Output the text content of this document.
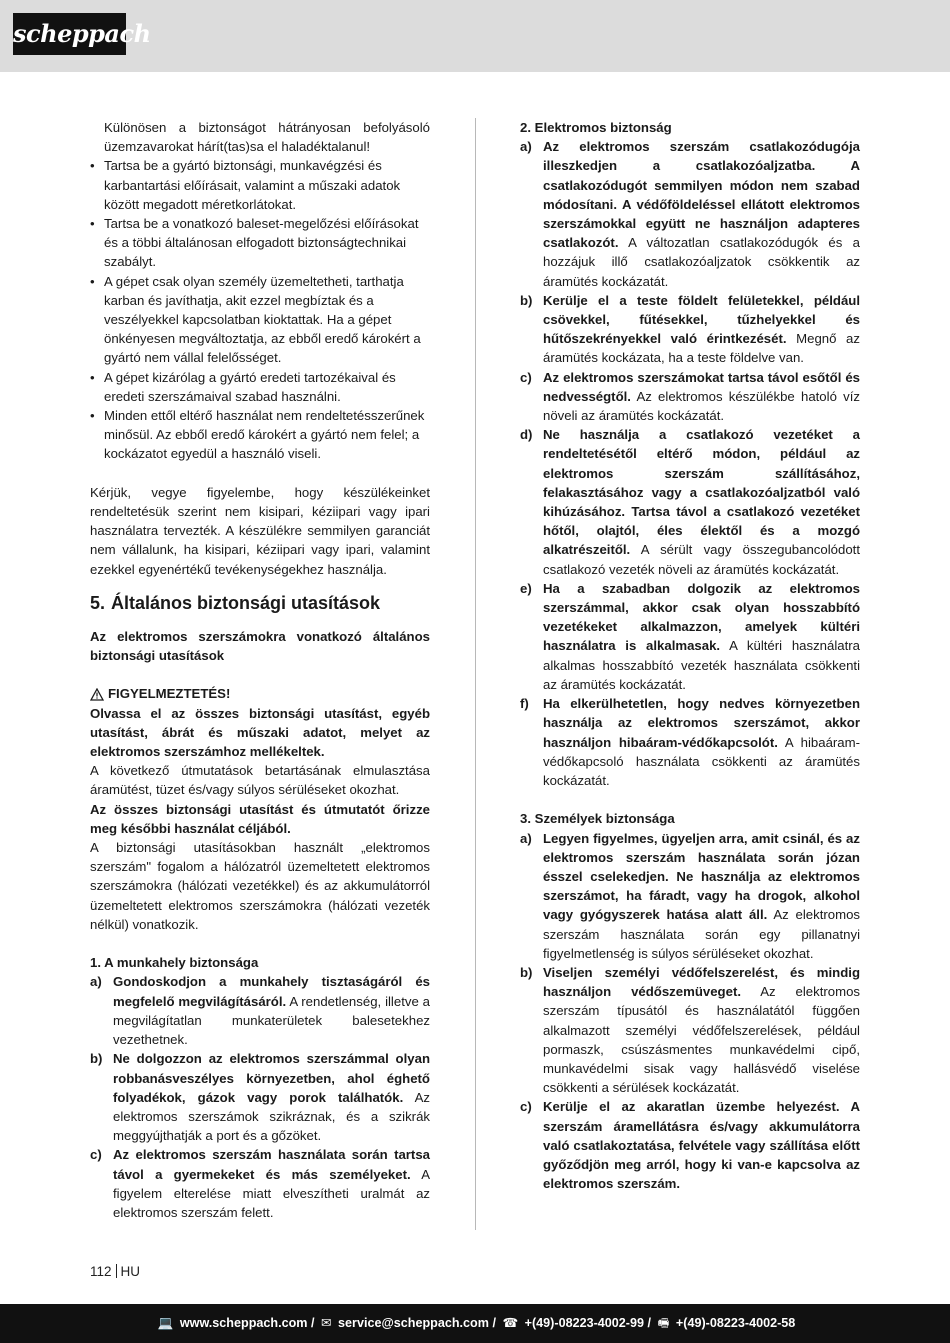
scheppach

Különösen a biztonságot hátrányosan befolyásoló üzemzavarokat hárít(tas)sa el haladéktalanul!

• Tartsa be a gyártó biztonsági, munkavégzési és karbantartási előírásait, valamint a műszaki adatok között megadott méretkorlátokat.
• Tartsa be a vonatkozó baleset-megelőzési előírásokat és a többi általánosan elfogadott biztonságtechnikai szabályt.
• A gépet csak olyan személy üzemeltetheti, tarthatja karban és javíthatja, akit ezzel megbíztak és a veszélyekkel kapcsolatban kioktattak. Ha a gépet önkényesen megváltoztatja, az ebből eredő károkért a gyártó nem vállal felelősséget.
• A gépet kizárólag a gyártó eredeti tartozékaival és eredeti szerszámaival szabad használni.
• Minden ettől eltérő használat nem rendeltetésszerűnek minősül. Az ebből eredő károkért a gyártó nem felel; a kockázatot egyedül a használó viseli.

Kérjük, vegye figyelembe, hogy készülékeinket rendeltetésük szerint nem kisipari, kéziipari vagy ipari használatra tervezték. A készülékre semmilyen garanciát nem vállalunk, ha kisipari, kéziipari vagy ipari, valamint ezekkel egyenértékű tevékenységekhez használja.

5. Általános biztonsági utasítások

Az elektromos szerszámokra vonatkozó általános biztonsági utasítások

FIGYELMEZTETÉS!

Olvassa el az összes biztonsági utasítást, egyéb utasítást, ábrát és műszaki adatot, melyet az elektromos szerszámhoz mellékeltek.

A következő útmutatások betartásának elmulasztása áramütést, tüzet és/vagy súlyos sérüléseket okozhat.

Az összes biztonsági utasítást és útmutatót őrizze meg későbbi használat céljából.

A biztonsági utasításokban használt „elektromos szerszám" fogalom a hálózatról üzemeltetett elektromos szerszámokra (hálózati vezetékkel) és az akkumulátorról üzemeltetett elektromos szerszámokra (hálózati vezeték nélkül) vonatkozik.

1. A munkahely biztonsága

a) Gondoskodjon a munkahely tisztaságáról és megfelelő megvilágításáról. A rendetlenség, illetve a megvilágítatlan munkaterületek balesetekhez vezethetnek.
b) Ne dolgozzon az elektromos szerszámmal olyan robbanásveszélyes környezetben, ahol éghető folyadékok, gázok vagy porok találhatók. Az elektromos szerszámok szikráznak, és a szikrák meggyújthatják a port és a gőzöket.
c) Az elektromos szerszám használata során tartsa távol a gyermekeket és más személyeket. A figyelem elterelése miatt elveszítheti uralmát az elektromos szerszám felett.

2. Elektromos biztonság

a) Az elektromos szerszám csatlakozódugója illeszkedjen a csatlakozóaljzatba. A csatlakozódugót semmilyen módon nem szabad módosítani. A védőföldeléssel ellátott elektromos szerszámokkal együtt ne használjon adapteres csatlakozót. A változatlan csatlakozódugók és a hozzájuk illő csatlakozóaljzatok csökkentik az áramütés kockázatát.
b) Kerülje el a teste földelt felületekkel, például csövekkel, fűtésekkel, tűzhelyekkel és hűtőszekrényekkel való érintkezését. Megnő az áramütés kockázata, ha a teste földelve van.
c) Az elektromos szerszámokat tartsa távol esőtől és nedvességtől. Az elektromos készülékbe hatoló víz növeli az áramütés kockázatát.
d) Ne használja a csatlakozó vezetéket a rendeltetésétől eltérő módon, például az elektromos szerszám szállításához, felakasztásához vagy a csatlakozóaljzatból való kihúzásához. Tartsa távol a csatlakozó vezetéket hőtől, olajtól, éles élektől és a mozgó alkatrészeitől. A sérült vagy összegubancolódott csatlakozó vezeték növeli az áramütés kockázatát.
e) Ha a szabadban dolgozik az elektromos szerszámmal, akkor csak olyan hosszabbító vezetékeket alkalmazzon, amelyek kültéri használatra is alkalmasak. A kültéri használatra alkalmas hosszabbító vezeték használata csökkenti az áramütés kockázatát.
f) Ha elkerülhetetlen, hogy nedves környezetben használja az elektromos szerszámot, akkor használjon hibaáram-védőkapcsolót. A hibaáram-védőkapcsoló használata csökkenti az áramütés kockázatát.

3. Személyek biztonsága

a) Legyen figyelmes, ügyeljen arra, amit csinál, és az elektromos szerszám használata során józan ésszel cselekedjen. Ne használja az elektromos szerszámot, ha fáradt, vagy ha drogok, alkohol vagy gyógyszerek hatása alatt áll. Az elektromos szerszám használata során egy pillanatnyi figyelmetlenség is súlyos sérüléseket okozhat.
b) Viseljen személyi védőfelszerelést, és mindig használjon védőszemüveget. Az elektromos szerszám típusától és használatától függően alkalmazott személyi védőfelszerelések, például pormaszk, csúszásmentes munkavédelmi cipő, munkavédelmi sisak vagy hallásvédő viselése csökkenti a sérülések kockázatát.
c) Kerülje el az akaratlan üzembe helyezést. A szerszám áramellátásra és/vagy akkumulátorra való csatlakoztatása, felvétele vagy szállítása előtt győződjön meg arról, hogy ki van-e kapcsolva az elektromos szerszám.
112 HU
💻 www.scheppach.com / ✉ service@scheppach.com / ☎ +(49)-08223-4002-99 / 🖷 +(49)-08223-4002-58
